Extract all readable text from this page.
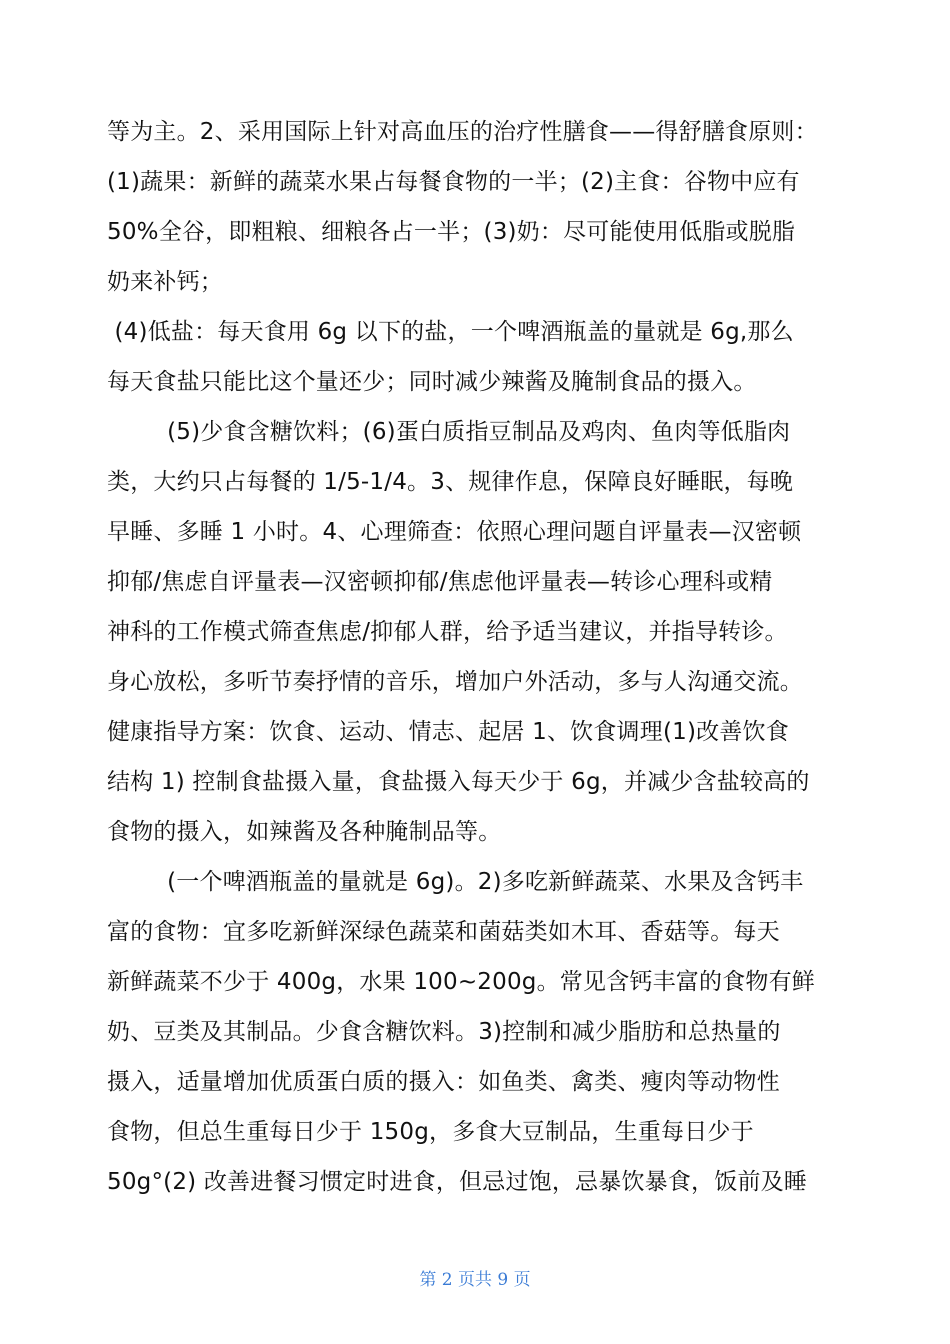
等为主。2、采用国际上针对高血压的治疗性膳食——得舒膳食原则：
(1)蔬果：新鲜的蔬菜水果占每餐食物的一半；(2)主食：谷物中应有
50%全谷，即粗粮、细粮各占一半；(3)奶：尽可能使用低脂或脱脂
奶来补钙；
(4)低盐：每天食用 6g 以下的盐，一个啤酒瓶盖的量就是 6g,那么
每天食盐只能比这个量还少；同时减少辣酱及腌制食品的摄入。
(5)少食含糖饮料；(6)蛋白质指豆制品及鸡肉、鱼肉等低脂肉
类，大约只占每餐的 1/5-1/4。3、规律作息，保障良好睡眠，每晚
早睡、多睡 1 小时。4、心理筛查：依照心理问题自评量表—汉密顿
抑郁/焦虑自评量表—汉密顿抑郁/焦虑他评量表—转诊心理科或精
神科的工作模式筛查焦虑/抑郁人群，给予适当建议，并指导转诊。
身心放松，多听节奏抒情的音乐，增加户外活动，多与人沟通交流。
健康指导方案：饮食、运动、情志、起居 1、饮食调理(1)改善饮食
结构 1) 控制食盐摄入量，食盐摄入每天少于 6g，并减少含盐较高的
食物的摄入，如辣酱及各种腌制品等。
(一个啤酒瓶盖的量就是 6g)。2)多吃新鲜蔬菜、水果及含钙丰
富的食物：宜多吃新鲜深绿色蔬菜和菌菇类如木耳、香菇等。每天
新鲜蔬菜不少于 400g，水果 100~200g。常见含钙丰富的食物有鲜
奶、豆类及其制品。少食含糖饮料。3)控制和减少脂肪和总热量的
摄入，适量增加优质蛋白质的摄入：如鱼类、禽类、瘦肉等动物性
食物，但总生重每日少于 150g，多食大豆制品，生重每日少于
50g°(2) 改善进餐习惯定时进食，但忌过饱，忌暴饮暴食，饭前及睡
第 2 页共 9 页
